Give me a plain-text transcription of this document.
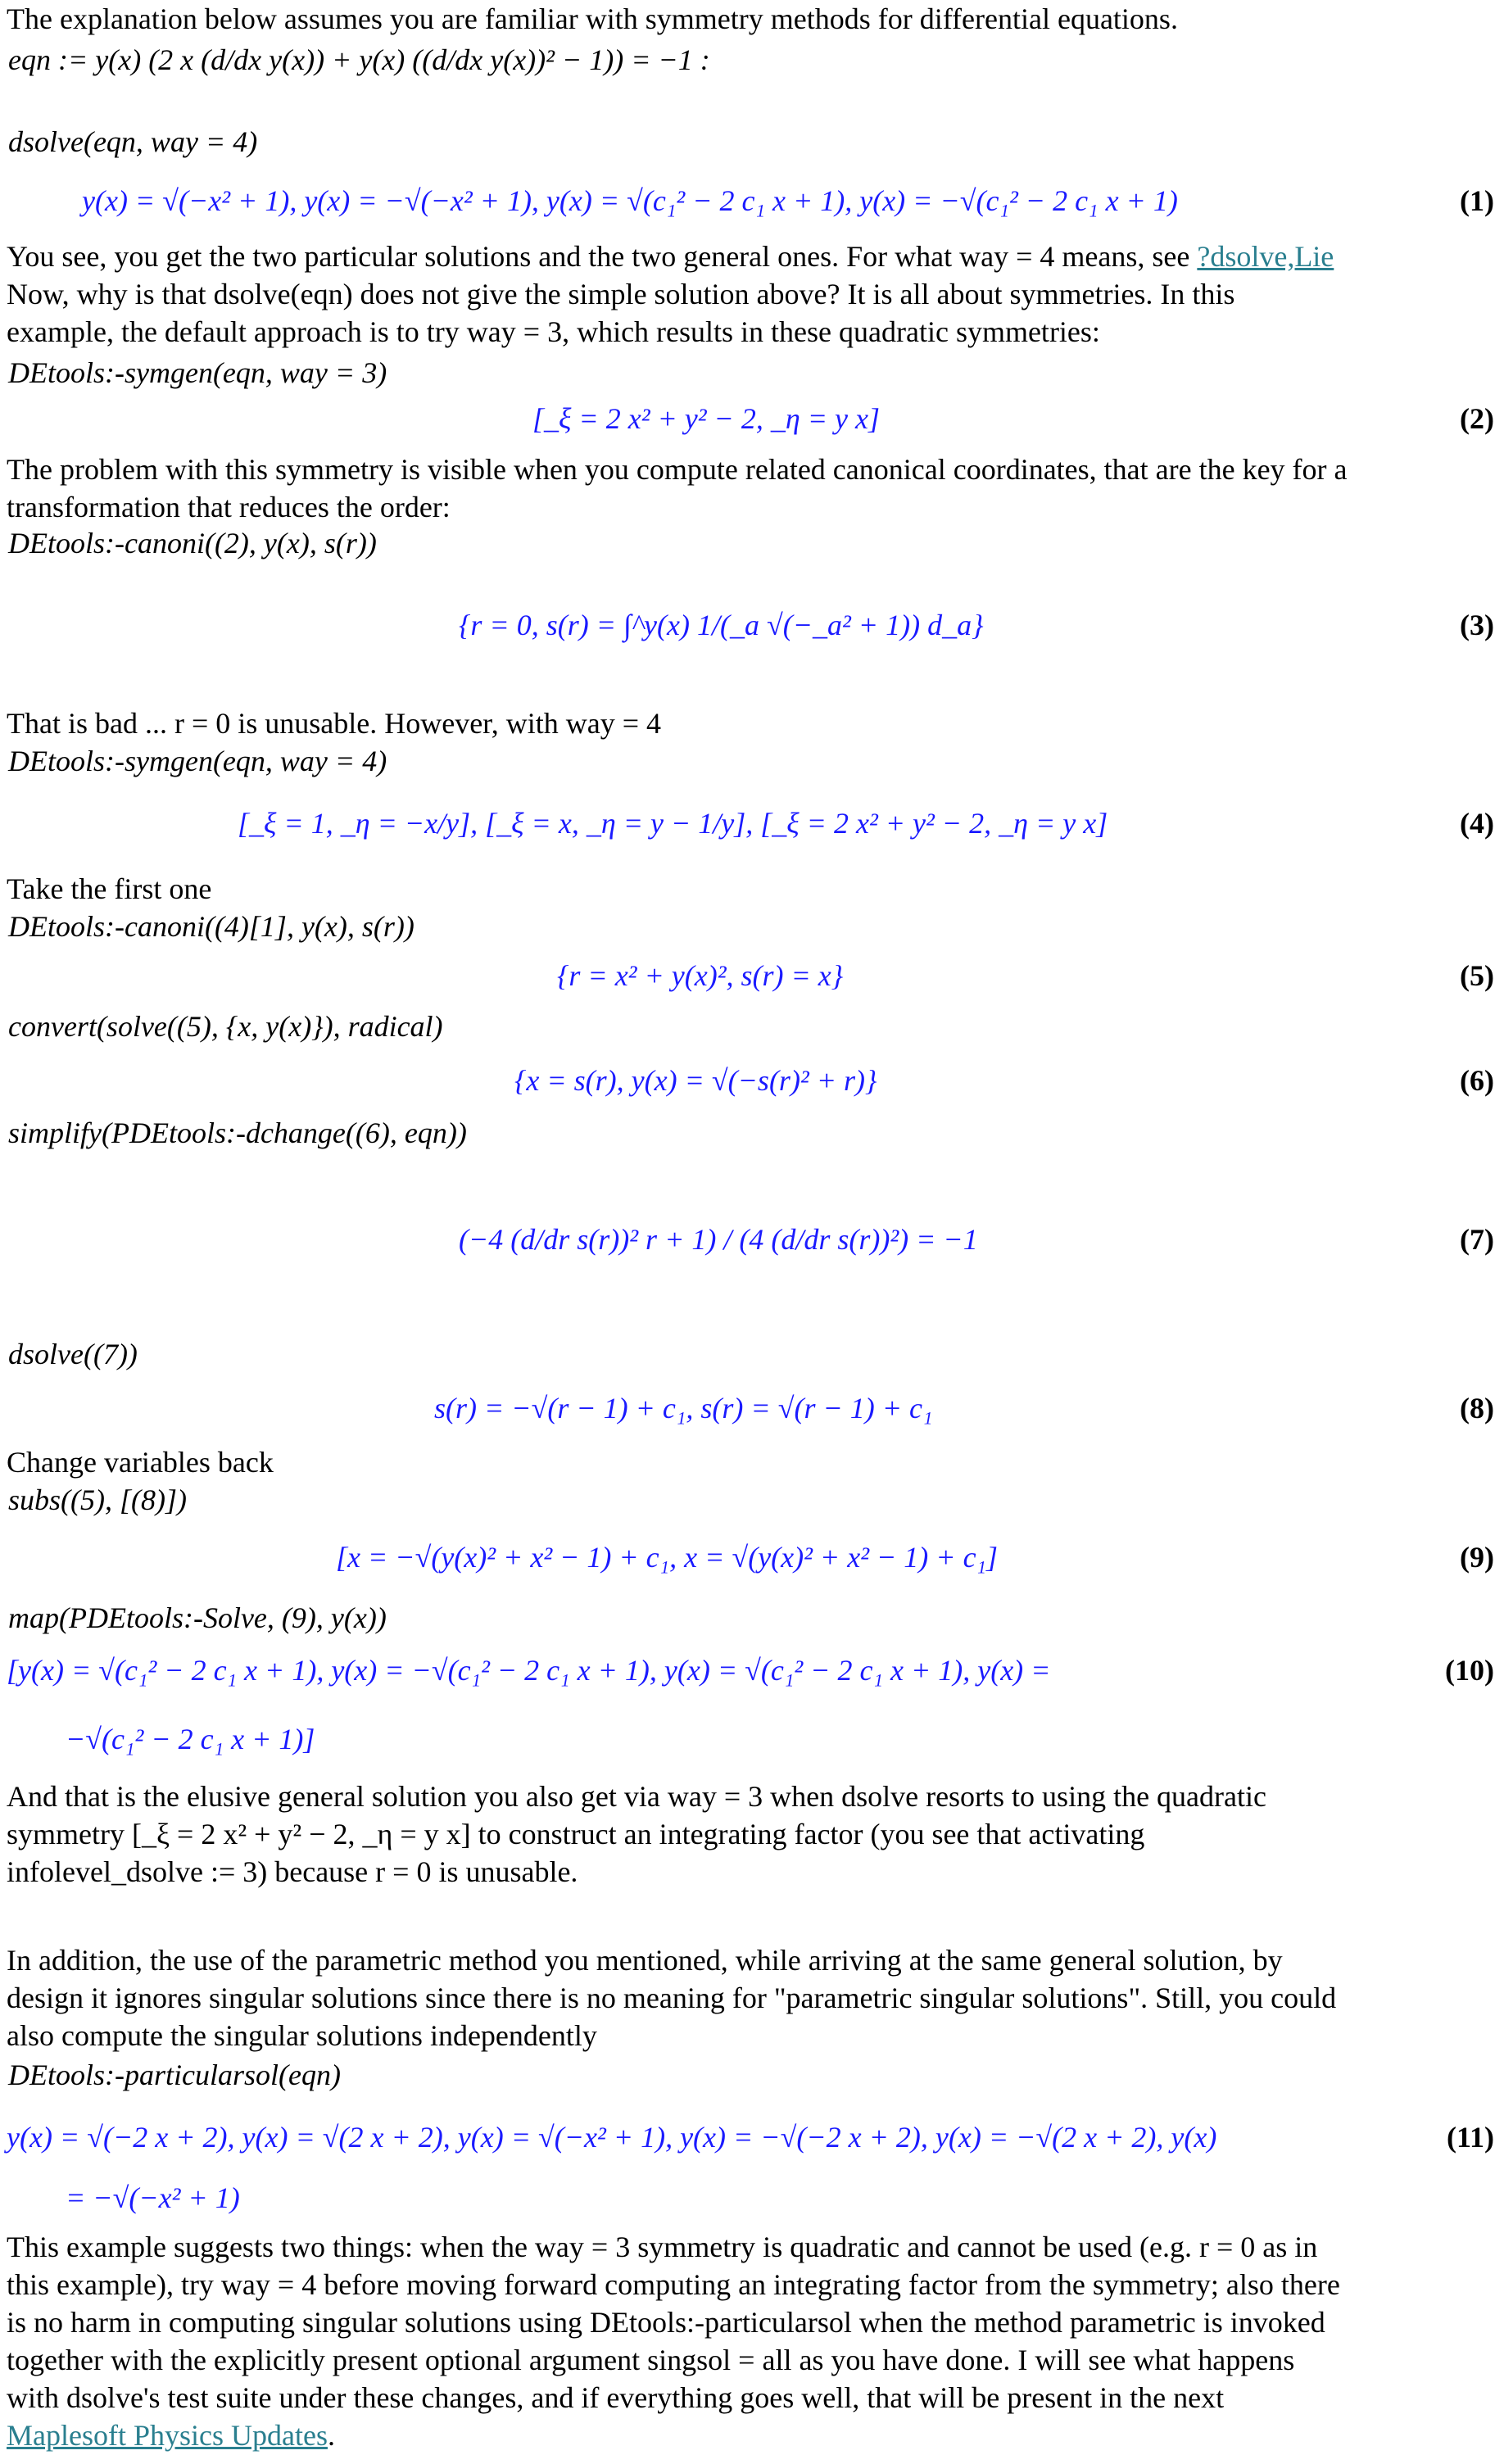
The explanation below assumes you are familiar with symmetry methods for differential equations.
eqn := y(x) (2 x (d/dx y(x)) + y(x) ((d/dx y(x))² − 1)) = −1 :
dsolve(eqn, way = 4)
y(x) = √(−x² + 1), y(x) = −√(−x² + 1), y(x) = √(c₁² − 2 c₁ x + 1), y(x) = −√(c₁² − 2 c₁ x + 1)	(1)
You see, you get the two particular solutions and the two general ones. For what way = 4 means, see ?dsolve,Lie
Now, why is that dsolve(eqn) does not give the simple solution above? It is all about symmetries. In this
example, the default approach is to try way = 3, which results in these quadratic symmetries:
DEtools:-symgen(eqn, way = 3)
[_ξ = 2 x² + y² − 2, _η = y x]	(2)
The problem with this symmetry is visible when you compute related canonical coordinates, that are the key for a
transformation that reduces the order:
DEtools:-canoni((2), y(x), s(r))
{r = 0, s(r) = ∫^y(x) 1/(_a √(−_a² + 1)) d_a}	(3)
That is bad ... r = 0 is unusable. However, with way = 4
DEtools:-symgen(eqn, way = 4)
[_ξ = 1, _η = −x/y], [_ξ = x, _η = y − 1/y], [_ξ = 2 x² + y² − 2, _η = y x]	(4)
Take the first one
DEtools:-canoni((4)[1], y(x), s(r))
{r = x² + y(x)², s(r) = x}	(5)
convert(solve((5), {x, y(x)}), radical)
{x = s(r), y(x) = √(−s(r)² + r)}	(6)
simplify(PDEtools:-dchange((6), eqn))
(−4 (d/dr s(r))² r + 1) / (4 (d/dr s(r))²) = −1	(7)
dsolve((7))
s(r) = −√(r − 1) + c₁, s(r) = √(r − 1) + c₁	(8)
Change variables back
subs((5), [(8)])
[x = −√(y(x)² + x² − 1) + c₁, x = √(y(x)² + x² − 1) + c₁]	(9)
map(PDEtools:-Solve, (9), y(x))
[y(x) = √(c₁² − 2 c₁ x + 1), y(x) = −√(c₁² − 2 c₁ x + 1), y(x) = √(c₁² − 2 c₁ x + 1), y(x) =
−√(c₁² − 2 c₁ x + 1)]
(10)
And that is the elusive general solution you also get via way = 3 when dsolve resorts to using the quadratic
symmetry [_ξ = 2 x² + y² − 2, _η = y x] to construct an integrating factor (you see that activating
infolevel_dsolve := 3) because r = 0 is unusable.
In addition, the use of the parametric method you mentioned, while arriving at the same general solution, by
design it ignores singular solutions since there is no meaning for "parametric singular solutions". Still, you could
also compute the singular solutions independently
DEtools:-particularsol(eqn)
y(x) = √(−2 x + 2), y(x) = √(2 x + 2), y(x) = √(−x² + 1), y(x) = −√(−2 x + 2), y(x) = −√(2 x + 2), y(x)
= −√(−x² + 1)
(11)
This example suggests two things: when the way = 3 symmetry is quadratic and cannot be used (e.g. r = 0 as in
this example), try way = 4 before moving forward computing an integrating factor from the symmetry; also there
is no harm in computing singular solutions using DEtools:-particularsol when the method parametric is invoked
together with the explicitly present optional argument singsol = all as you have done. I will see what happens
with dsolve's test suite under these changes, and if everything goes well, that will be present in the next
Maplesoft Physics Updates.
